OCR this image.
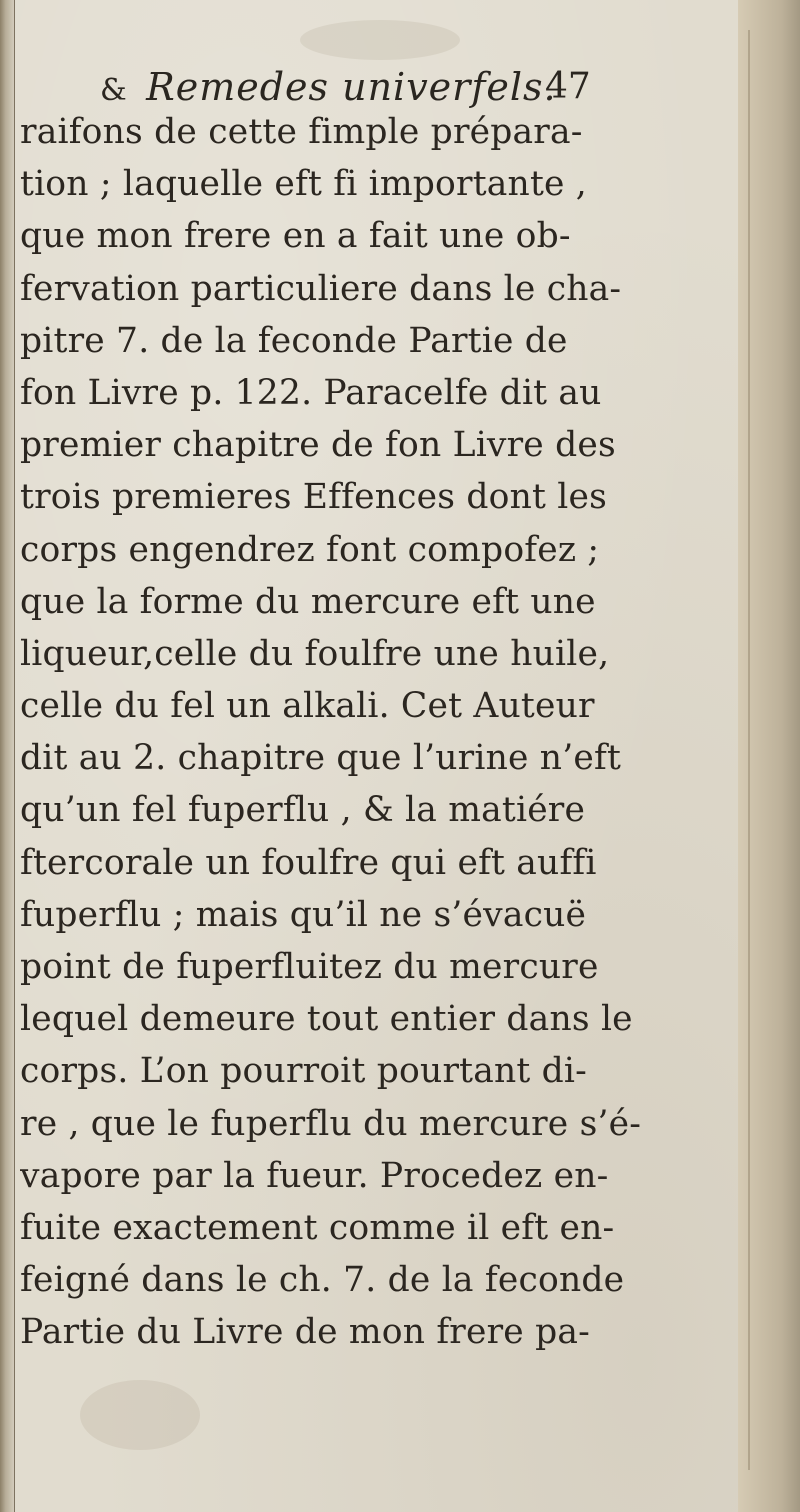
& Remedes univerfels.
47
raifons de cette fimple prépara-
tion ; laquelle eft fi importante ,
que mon frere en a fait une ob-
fervation particuliere dans le cha-
pitre 7. de la feconde Partie de
fon Livre p. 122. Paracelfe dit au
premier chapitre de fon Livre des
trois premieres Effences dont les
corps engendrez font compofez ;
que la forme du mercure eft une
liqueur,celle du foulfre une huile,
celle du fel un alkali. Cet Auteur
dit au 2. chapitre que l’urine n’eft
qu’un fel fuperflu , & la matiére
ftercorale un foulfre qui eft auffi
fuperflu ; mais qu’il ne s’évacuë
point de fuperfluitez du mercure
lequel demeure tout entier dans le
corps. L’on pourroit pourtant di-
re , que le fuperflu du mercure s’é-
vapore par la fueur. Procedez en-
fuite exactement comme il eft en-
feigné dans le ch. 7. de la feconde
Partie du Livre de mon frere pa-
